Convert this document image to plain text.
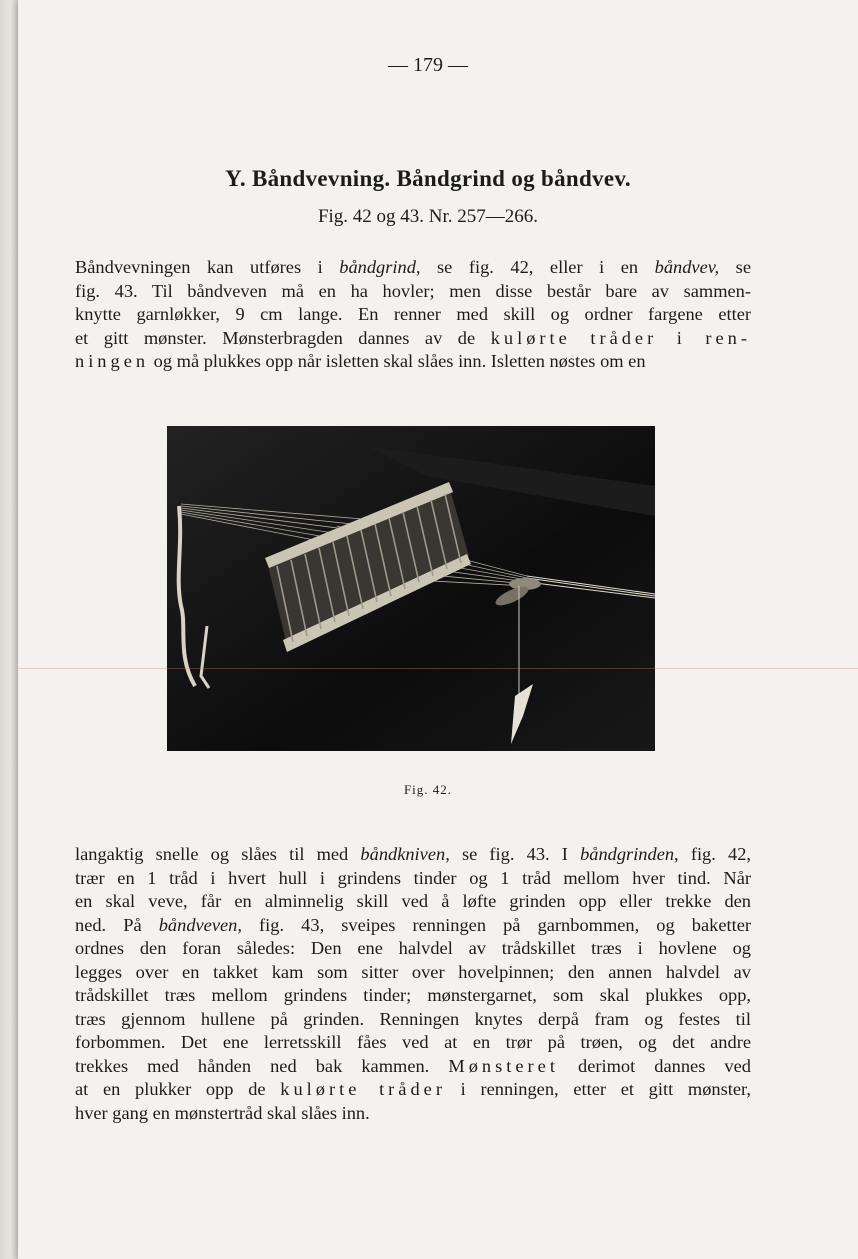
— 179 —
Y. Båndvevning. Båndgrind og båndvev.
Fig. 42 og 43. Nr. 257—266.
Båndvevningen kan utføres i båndgrind, se fig. 42, eller i en båndvev, se
fig. 43. Til båndveven må en ha hovler; men disse består bare av sammen-
knytte garnløkker, 9 cm lange. En renner med skill og ordner fargene etter
et gitt mønster. Mønsterbragden dannes av de kulørte tråder i ren-
ningen og må plukkes opp når isletten skal slåes inn. Isletten nøstes om en
Fig. 42.
langaktig snelle og slåes til med båndkniven, se fig. 43. I båndgrinden, fig. 42,
trær en 1 tråd i hvert hull i grindens tinder og 1 tråd mellom hver tind. Når
en skal veve, får en alminnelig skill ved å løfte grinden opp eller trekke den
ned. På båndveven, fig. 43, sveipes renningen på garnbommen, og baketter
ordnes den foran således: Den ene halvdel av trådskillet træs i hovlene og
legges over en takket kam som sitter over hovelpinnen; den annen halvdel av
trådskillet træs mellom grindens tinder; mønstergarnet, som skal plukkes opp,
træs gjennom hullene på grinden. Renningen knytes derpå fram og festes til
forbommen. Det ene lerretsskill fåes ved at en trør på trøen, og det andre
trekkes med hånden ned bak kammen. Mønsteret derimot dannes ved
at en plukker opp de kulørte tråder i renningen, etter et gitt mønster,
hver gang en mønstertråd skal slåes inn.
